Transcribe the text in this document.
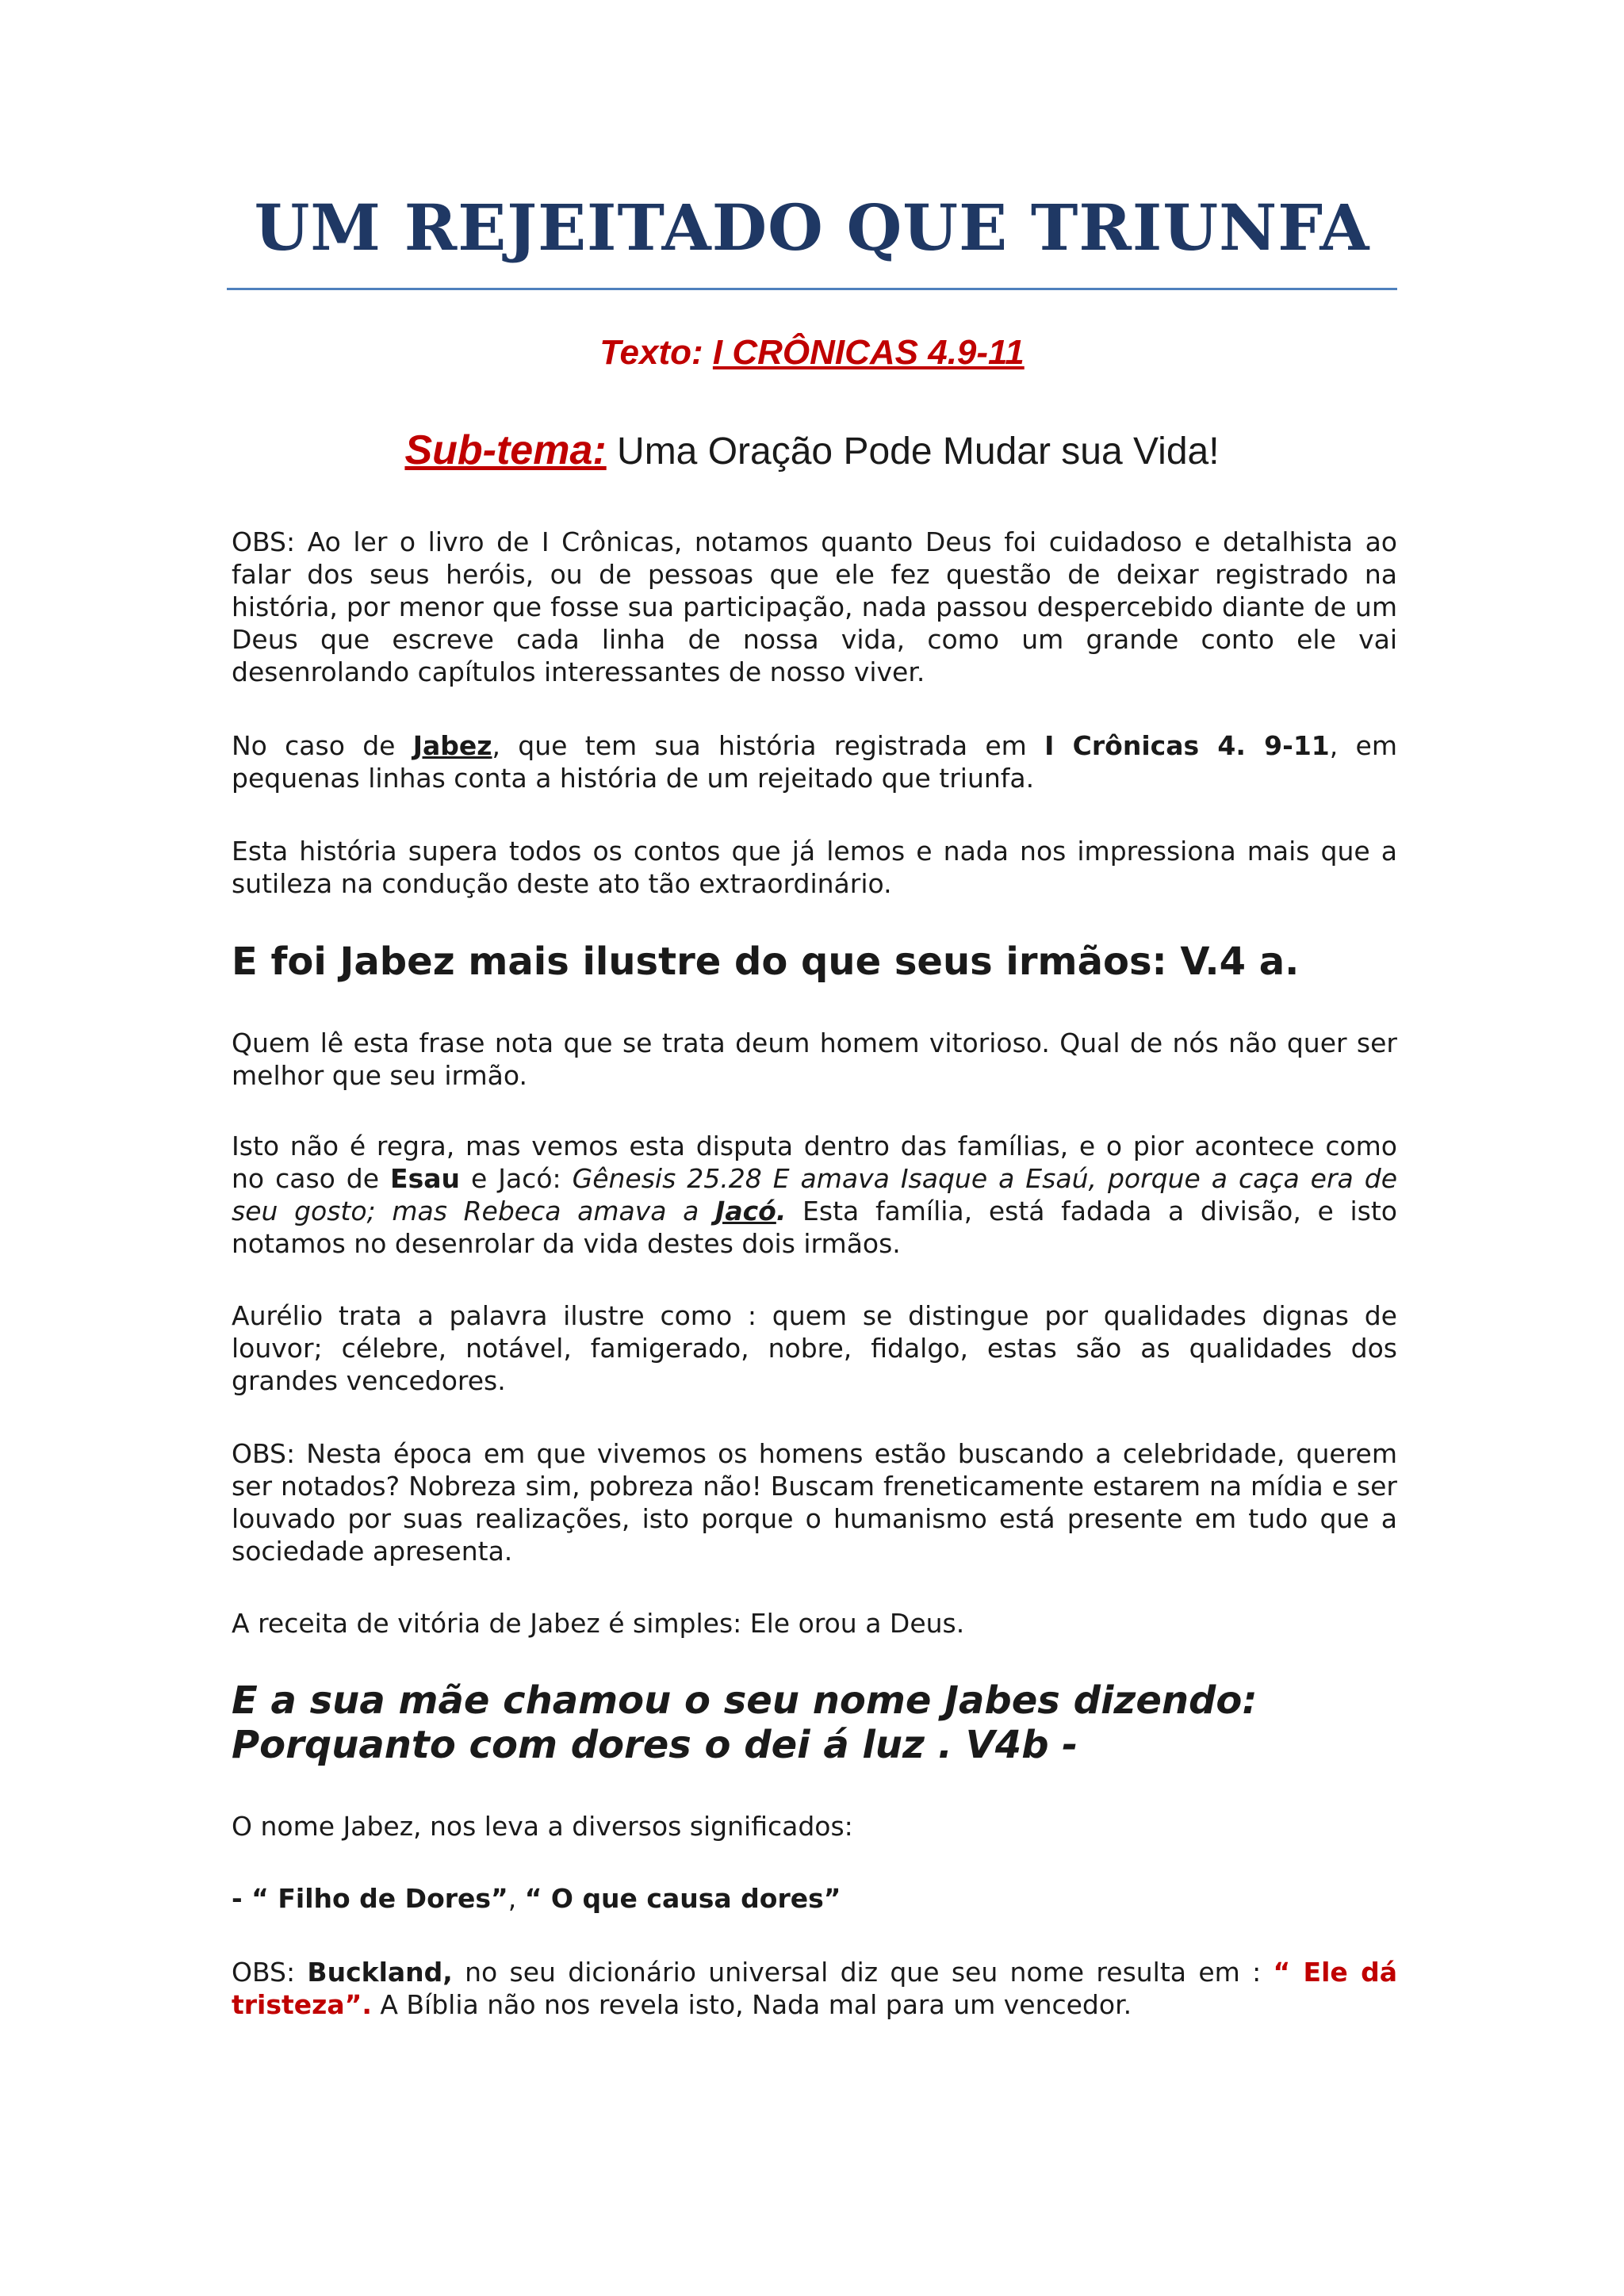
UM REJEITADO QUE TRIUNFA

Texto: I CRÔNICAS 4.9-11

Sub-tema: Uma Oração Pode Mudar sua Vida!

OBS: Ao ler o livro de I Crônicas, notamos quanto Deus foi cuidadoso e detalhista ao falar dos seus heróis, ou de pessoas que ele fez questão de deixar registrado na história, por menor que fosse sua participação, nada passou despercebido diante de um Deus que escreve cada linha de nossa vida, como um grande conto ele vai desenrolando capítulos interessantes de nosso viver.

No caso de Jabez, que tem sua história registrada em I Crônicas 4. 9-11, em pequenas linhas conta a história de um rejeitado que triunfa.

Esta história supera todos os contos que já lemos e nada nos impressiona mais que a sutileza na condução deste ato tão extraordinário.

E foi Jabez mais ilustre do que seus irmãos: V.4 a.

Quem lê esta frase nota que se trata deum homem vitorioso. Qual de nós não quer ser melhor que seu irmão.

Isto não é regra, mas vemos esta disputa dentro das famílias, e o pior acontece como no caso de Esau e Jacó: Gênesis 25.28 E amava Isaque a Esaú, porque a caça era de seu gosto; mas Rebeca amava a Jacó. Esta família, está fadada a divisão, e isto notamos no desenrolar da vida destes dois irmãos.

Aurélio trata a palavra ilustre como : quem se distingue por qualidades dignas de louvor; célebre, notável, famigerado, nobre, fidalgo, estas são as qualidades dos grandes vencedores.

OBS: Nesta época em que vivemos os homens estão buscando a celebridade, querem ser notados? Nobreza sim, pobreza não! Buscam freneticamente estarem na mídia e ser louvado por suas realizações, isto porque o humanismo está presente em tudo que a sociedade apresenta.

A receita de vitória de Jabez é simples: Ele orou a Deus.

E a sua mãe chamou o seu nome Jabes dizendo: Porquanto com dores o dei á luz . V4b -

O nome Jabez, nos leva a diversos significados:

- “ Filho de Dores”, “ O que causa dores”

OBS: Buckland, no seu dicionário universal diz que seu nome resulta em : “ Ele dá tristeza”. A Bíblia não nos revela isto, Nada mal para um vencedor.
